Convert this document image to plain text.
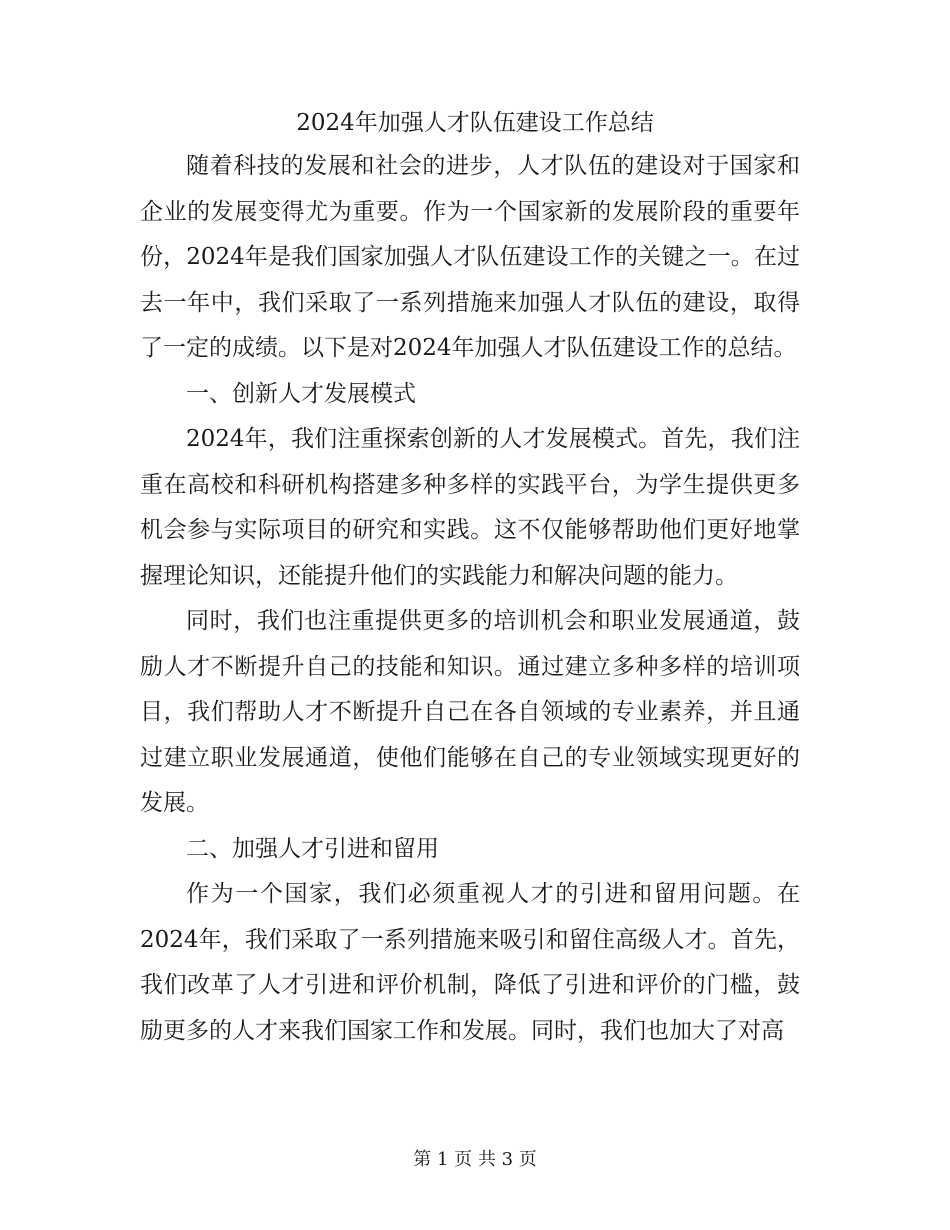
2024年加强人才队伍建设工作总结

随着科技的发展和社会的进步，人才队伍的建设对于国家和企业的发展变得尤为重要。作为一个国家新的发展阶段的重要年份，2024年是我们国家加强人才队伍建设工作的关键之一。在过去一年中，我们采取了一系列措施来加强人才队伍的建设，取得了一定的成绩。以下是对2024年加强人才队伍建设工作的总结。

一、创新人才发展模式

2024年，我们注重探索创新的人才发展模式。首先，我们注重在高校和科研机构搭建多种多样的实践平台，为学生提供更多机会参与实际项目的研究和实践。这不仅能够帮助他们更好地掌握理论知识，还能提升他们的实践能力和解决问题的能力。

同时，我们也注重提供更多的培训机会和职业发展通道，鼓励人才不断提升自己的技能和知识。通过建立多种多样的培训项目，我们帮助人才不断提升自己在各自领域的专业素养，并且通过建立职业发展通道，使他们能够在自己的专业领域实现更好的发展。

二、加强人才引进和留用

作为一个国家，我们必须重视人才的引进和留用问题。在2024年，我们采取了一系列措施来吸引和留住高级人才。首先，我们改革了人才引进和评价机制，降低了引进和评价的门槛，鼓励更多的人才来我们国家工作和发展。同时，我们也加大了对高

第 1 页 共 3 页
